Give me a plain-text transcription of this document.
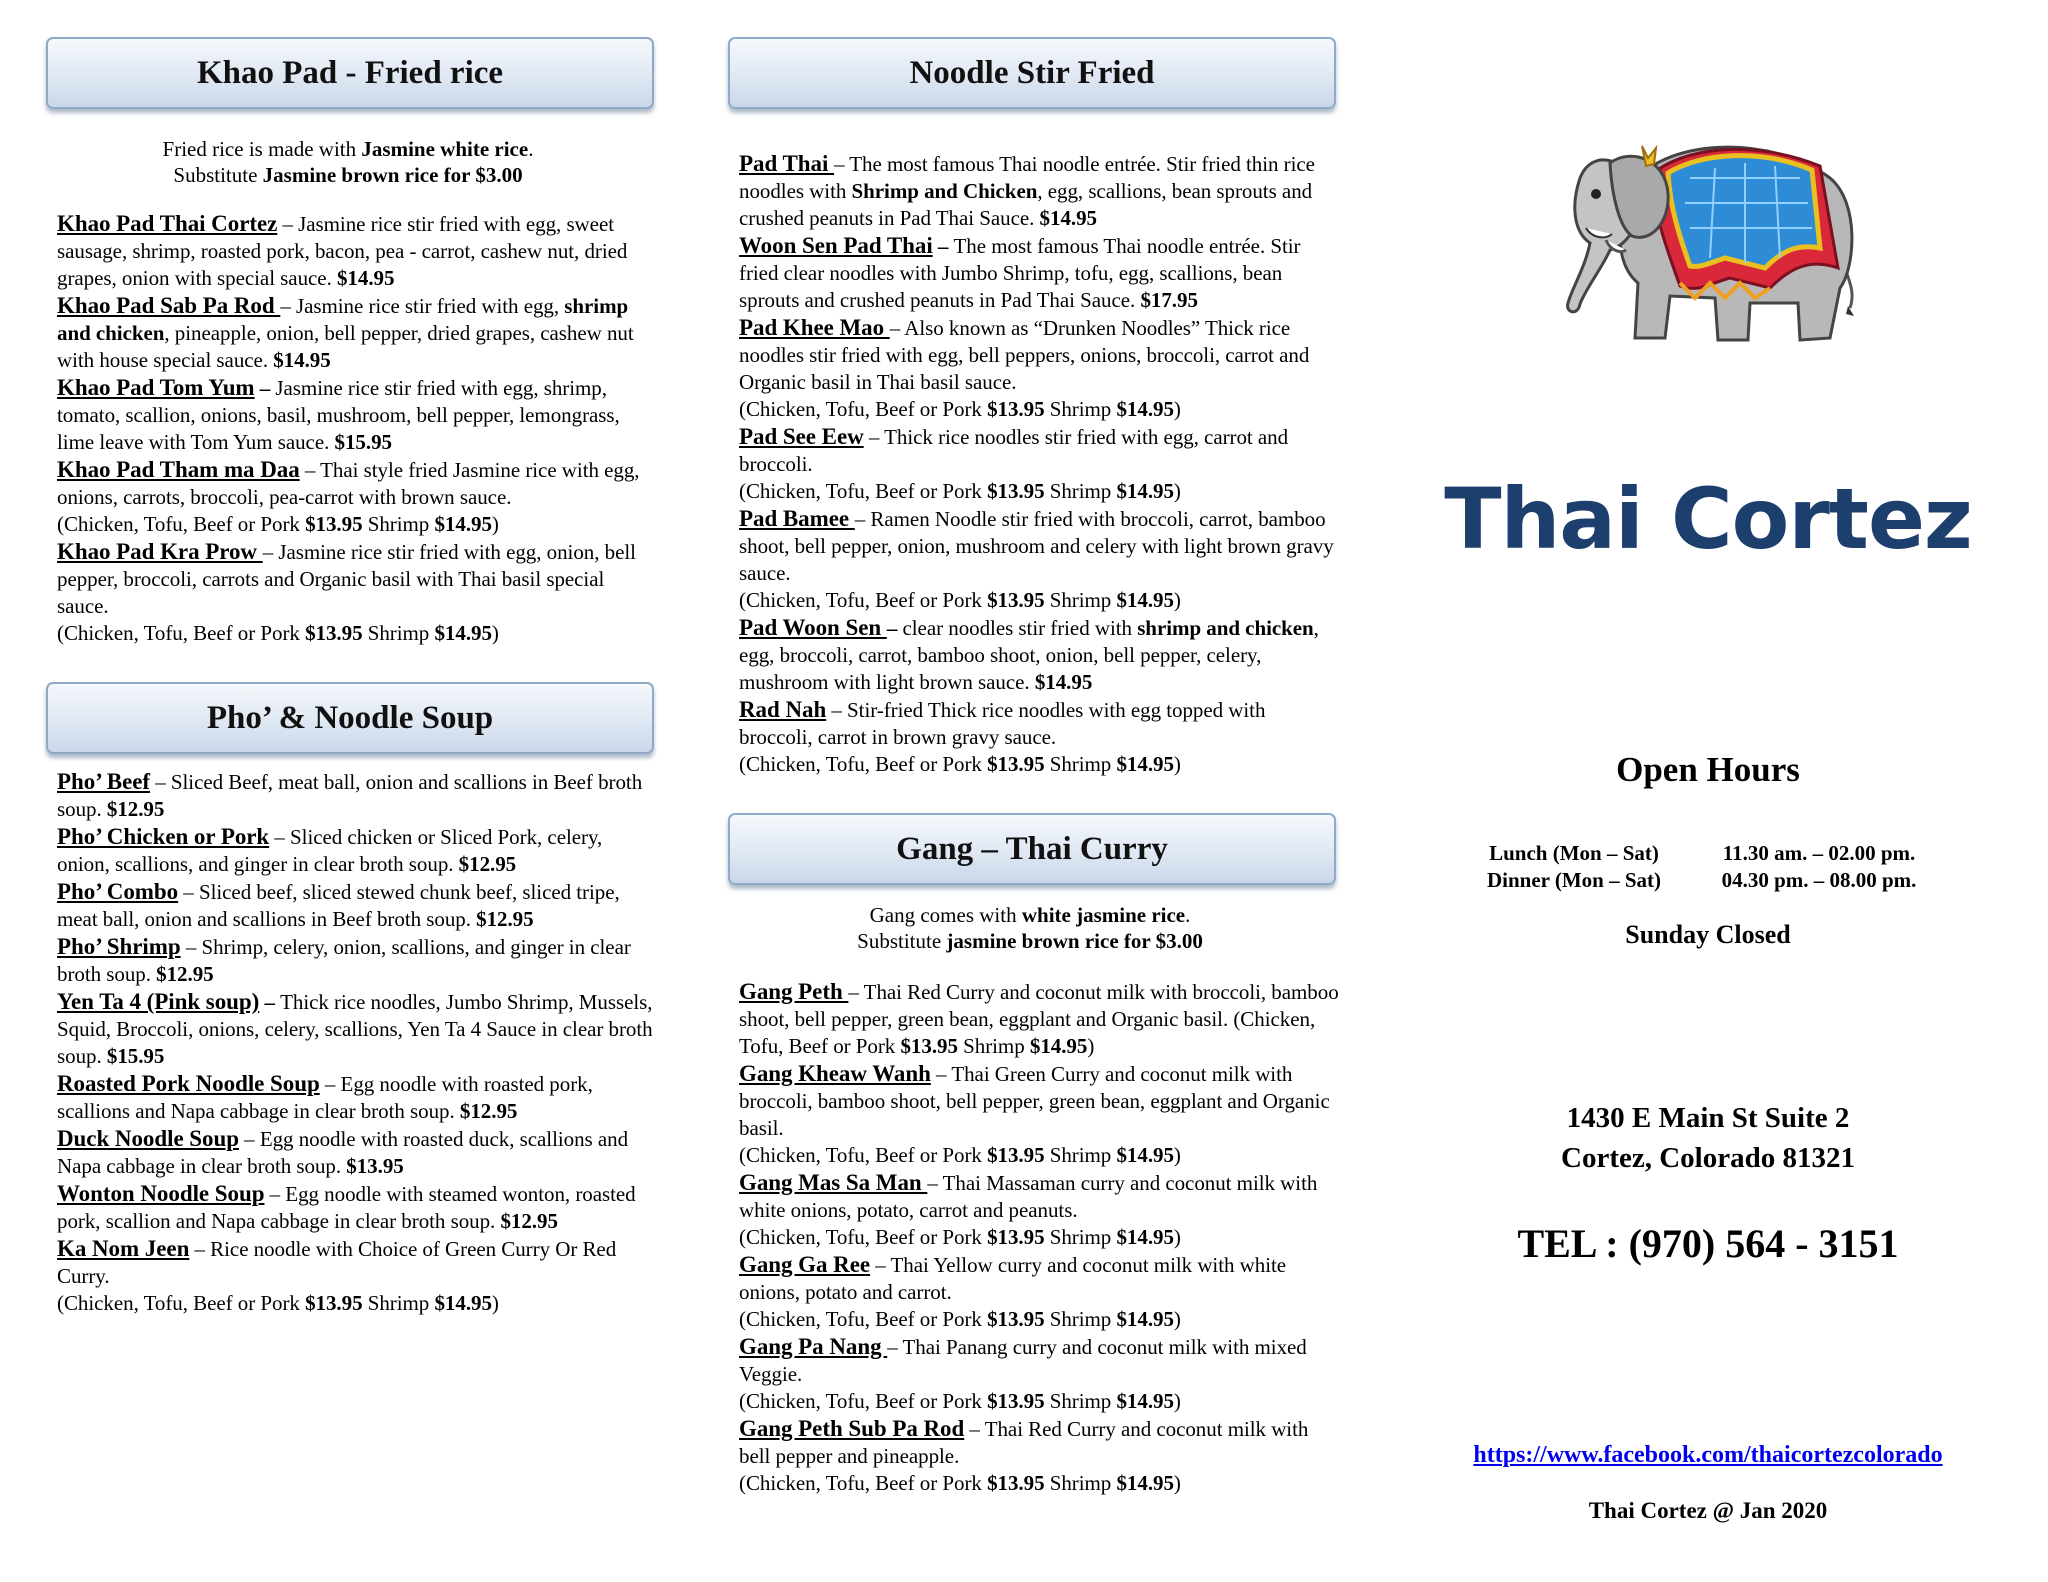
Khao Pad - Fried rice
Fried rice is made with Jasmine white rice.
Substitute Jasmine brown rice for $3.00
Khao Pad Thai Cortez – Jasmine rice stir fried with egg, sweet sausage, shrimp, roasted pork, bacon, pea - carrot, cashew nut, dried grapes, onion with special sauce. $14.95
Khao Pad Sab Pa Rod – Jasmine rice stir fried with egg, shrimp and chicken, pineapple, onion, bell pepper, dried grapes, cashew nut with house special sauce. $14.95
Khao Pad Tom Yum – Jasmine rice stir fried with egg, shrimp, tomato, scallion, onions, basil, mushroom, bell pepper, lemongrass, lime leave with Tom Yum sauce. $15.95
Khao Pad Tham ma Daa – Thai style fried Jasmine rice with egg, onions, carrots, broccoli, pea-carrot with brown sauce.
(Chicken, Tofu, Beef or Pork $13.95 Shrimp $14.95)
Khao Pad Kra Prow – Jasmine rice stir fried with egg, onion, bell pepper, broccoli, carrots and Organic basil with Thai basil special sauce.
(Chicken, Tofu, Beef or Pork $13.95 Shrimp $14.95)
Pho’ & Noodle Soup
Pho’ Beef – Sliced Beef, meat ball, onion and scallions in Beef broth soup. $12.95
Pho’ Chicken or Pork – Sliced chicken or Sliced Pork, celery, onion, scallions, and ginger in clear broth soup. $12.95
Pho’ Combo – Sliced beef, sliced stewed chunk beef, sliced tripe, meat ball, onion and scallions in Beef broth soup. $12.95
Pho’ Shrimp – Shrimp, celery, onion, scallions, and ginger in clear broth soup. $12.95
Yen Ta 4 (Pink soup) – Thick rice noodles, Jumbo Shrimp, Mussels, Squid, Broccoli, onions, celery, scallions, Yen Ta 4 Sauce in clear broth soup. $15.95
Roasted Pork Noodle Soup – Egg noodle with roasted pork, scallions and Napa cabbage in clear broth soup. $12.95
Duck Noodle Soup – Egg noodle with roasted duck, scallions and Napa cabbage in clear broth soup. $13.95
Wonton Noodle Soup – Egg noodle with steamed wonton, roasted pork, scallion and Napa cabbage in clear broth soup. $12.95
Ka Nom Jeen – Rice noodle with Choice of Green Curry Or Red Curry.
(Chicken, Tofu, Beef or Pork $13.95 Shrimp $14.95)
Noodle Stir Fried
Pad Thai – The most famous Thai noodle entrée. Stir fried thin rice noodles with Shrimp and Chicken, egg, scallions, bean sprouts and crushed peanuts in Pad Thai Sauce. $14.95
Woon Sen Pad Thai – The most famous Thai noodle entrée. Stir fried clear noodles with Jumbo Shrimp, tofu, egg, scallions, bean sprouts and crushed peanuts in Pad Thai Sauce. $17.95
Pad Khee Mao – Also known as “Drunken Noodles” Thick rice noodles stir fried with egg, bell peppers, onions, broccoli, carrot and Organic basil in Thai basil sauce.
(Chicken, Tofu, Beef or Pork $13.95 Shrimp $14.95)
Pad See Eew – Thick rice noodles stir fried with egg, carrot and broccoli.
(Chicken, Tofu, Beef or Pork $13.95 Shrimp $14.95)
Pad Bamee – Ramen Noodle stir fried with broccoli, carrot, bamboo shoot, bell pepper, onion, mushroom and celery with light brown gravy sauce.
(Chicken, Tofu, Beef or Pork $13.95 Shrimp $14.95)
Pad Woon Sen – clear noodles stir fried with shrimp and chicken, egg, broccoli, carrot, bamboo shoot, onion, bell pepper, celery, mushroom with light brown sauce. $14.95
Rad Nah – Stir-fried Thick rice noodles with egg topped with broccoli, carrot in brown gravy sauce.
(Chicken, Tofu, Beef or Pork $13.95 Shrimp $14.95)
Gang – Thai Curry
Gang comes with white jasmine rice.
Substitute jasmine brown rice for $3.00
Gang Peth – Thai Red Curry and coconut milk with broccoli, bamboo shoot, bell pepper, green bean, eggplant and Organic basil. (Chicken, Tofu, Beef or Pork $13.95 Shrimp $14.95)
Gang Kheaw Wanh – Thai Green Curry and coconut milk with broccoli, bamboo shoot, bell pepper, green bean, eggplant and Organic basil.
(Chicken, Tofu, Beef or Pork $13.95 Shrimp $14.95)
Gang Mas Sa Man – Thai Massaman curry and coconut milk with white onions, potato, carrot and peanuts.
(Chicken, Tofu, Beef or Pork $13.95 Shrimp $14.95)
Gang Ga Ree – Thai Yellow curry and coconut milk with white onions, potato and carrot.
(Chicken, Tofu, Beef or Pork $13.95 Shrimp $14.95)
Gang Pa Nang – Thai Panang curry and coconut milk with mixed Veggie.
(Chicken, Tofu, Beef or Pork $13.95 Shrimp $14.95)
Gang Peth Sub Pa Rod – Thai Red Curry and coconut milk with bell pepper and pineapple.
(Chicken, Tofu, Beef or Pork $13.95 Shrimp $14.95)
Thai Cortez
Open Hours
Lunch (Mon – Sat)	11.30 am. – 02.00 pm.
Dinner (Mon – Sat)	04.30 pm. – 08.00 pm.
Sunday Closed
1430 E Main St Suite 2
Cortez, Colorado 81321
TEL : (970) 564 - 3151
https://www.facebook.com/thaicortezcolorado
Thai Cortez @ Jan 2020
